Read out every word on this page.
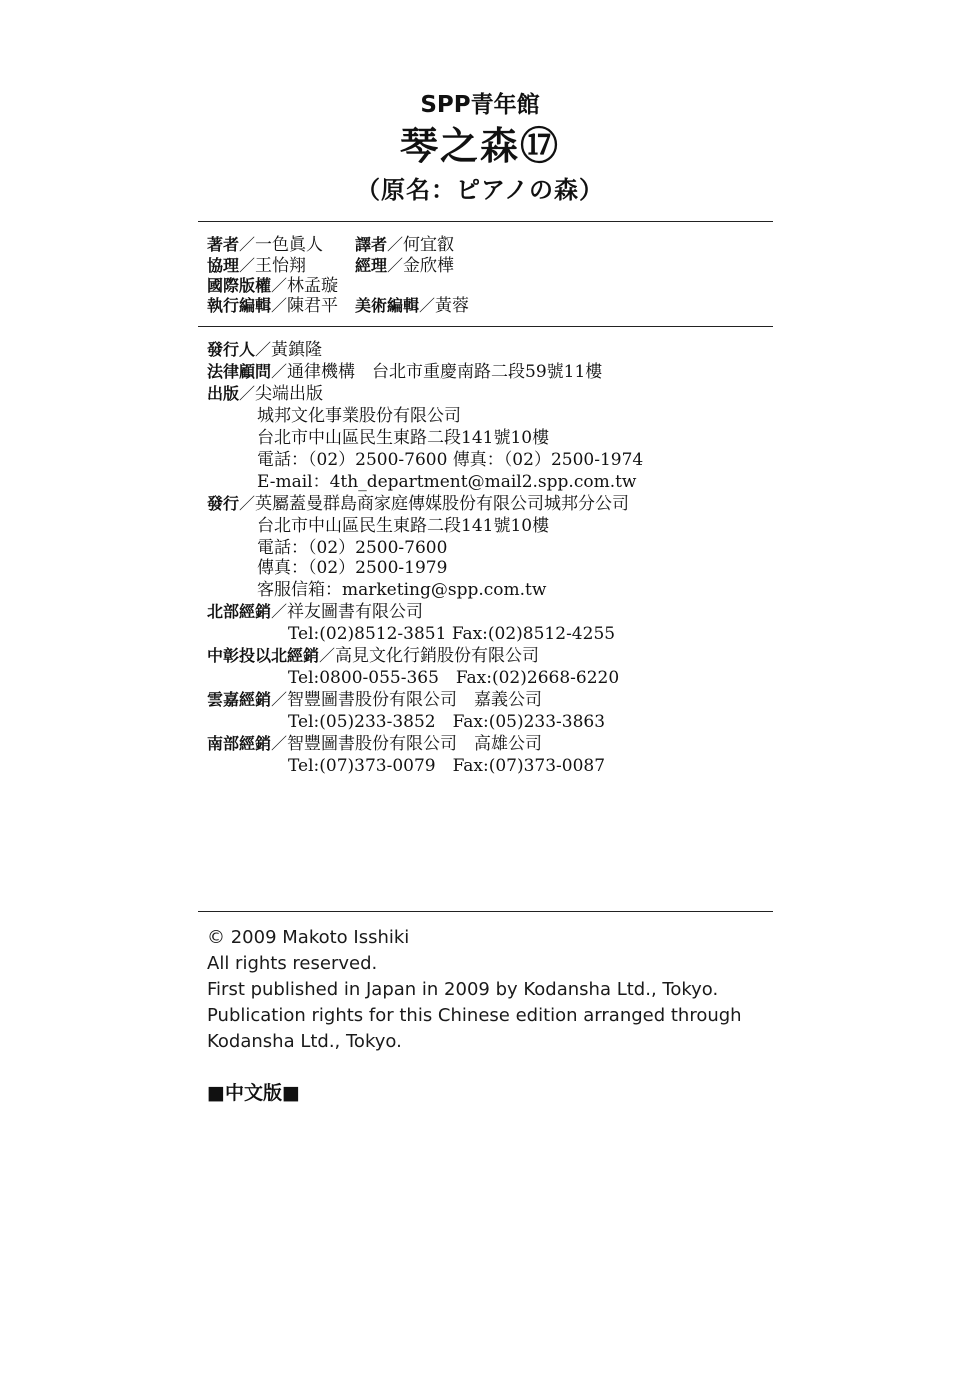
SPP青年館
琴之森⑰
（原名：ピアノの森）
著者／一色眞人 譯者／何宜叡
協理／王怡翔	經理／金欣樺
國際版權／林孟璇
執行編輯／陳君平 美術編輯／黃蓉
發行人／黃鎮隆
法律顧問／通律機構　台北市重慶南路二段59號11樓
出版／尖端出版
城邦文化事業股份有限公司
台北市中山區民生東路二段141號10樓
電話：（02）2500-7600 傳真：（02）2500-1974
E-mail：4th_department@mail2.spp.com.tw
發行／英屬蓋曼群島商家庭傳媒股份有限公司城邦分公司
台北市中山區民生東路二段141號10樓
電話：（02）2500-7600
傳真：（02）2500-1979
客服信箱：marketing@spp.com.tw
北部經銷／祥友圖書有限公司
Tel:(02)8512-3851 Fax:(02)8512-4255
中彰投以北經銷／高見文化行銷股份有限公司
Tel:0800-055-365　Fax:(02)2668-6220
雲嘉經銷／智豐圖書股份有限公司　嘉義公司
Tel:(05)233-3852　Fax:(05)233-3863
南部經銷／智豐圖書股份有限公司　高雄公司
Tel:(07)373-0079　Fax:(07)373-0087
© 2009 Makoto Isshiki
All rights reserved.
First published in Japan in 2009 by Kodansha Ltd., Tokyo.
Publication rights for this Chinese edition arranged through
Kodansha Ltd., Tokyo.
■中文版■
